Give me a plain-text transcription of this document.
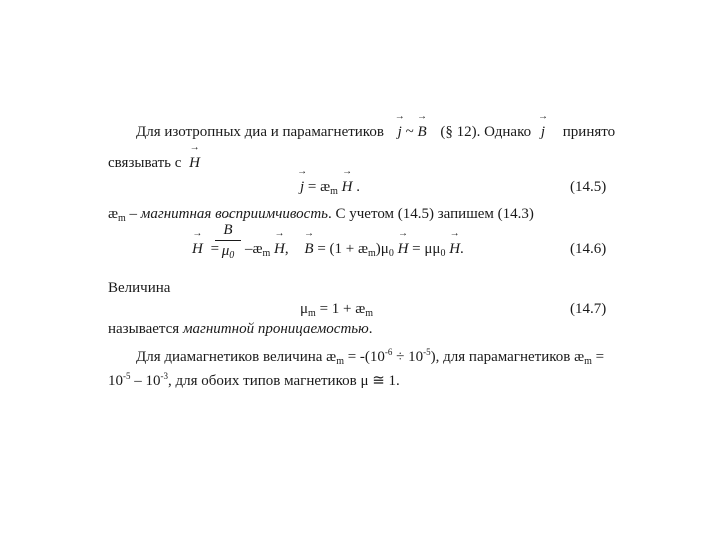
Для изотропных диа и парамагнетиков → j ~ → B (§ 12). Однако → j принято
связывать с → H
→ $j = æ_m \to H$ .	(14.5)
$æ_m$ – магнитная восприимчивость. С учетом (14.5) запишем (14.3)
→ H =
→ B
$\mu_0$ $-æ_m \to H$, → $B = (1 + æ_m)\mu_0 \to H = \mu\mu_0 \to H$.	(14.6)
Величина
$\mu_m = 1$ + $æ_m$	(14.7)
называется магнитной проницаемостью.
Для диамагнетиков величина $æ_m = -(10^{-6} \div 10^{-5})$, для парамагнетиков $æ_m$ =
$10^{-5} - 10^{-3}$, для обоих типов магнетиков μ ≅ 1.
